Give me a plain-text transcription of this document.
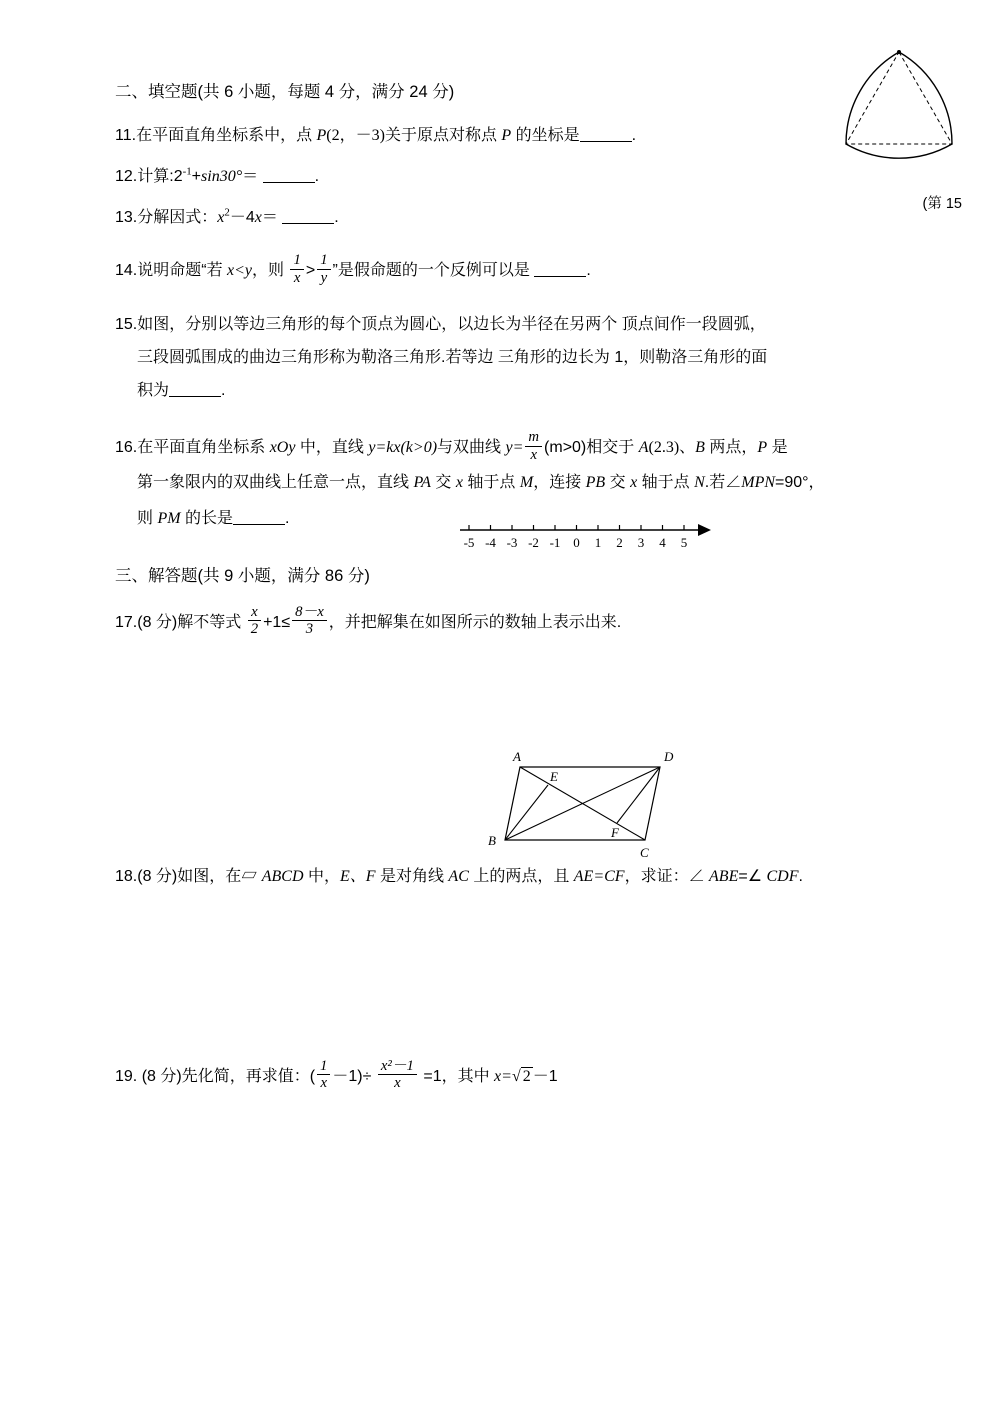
(第 15
二、填空题(共 6 小题，每题 4 分，满分 24 分)
11.在平面直角坐标系中，点 P(2，－3)关于原点对称点 P 的坐标是	.
12.计算$:2^{-1}+\sin 30^\circ=$	.
13.分解因式：$x^2-4x=$	.
14.说明命题“若 x<y，则 $\frac{1}{x} > \frac{1}{y}$ ”是假命题的一个反例可以是	.
15.如图，分别以等边三角形的每个顶点为圆心，以边长为半径在另两个 顶点间作一段圆弧，
三段圆弧围成的曲边三角形称为勒洛三角形.若等边 三角形的边长为 1，则勒洛三角形的面
积为	.
16.在平面直角坐标系 xOy 中，直线 y=kx(k>0)与双曲线 $y= \frac{m}{x} (m>0)$相交于 A(2.3)、B 两点，P 是
第一象限内的双曲线上任意一点，直线 PA 交 x 轴于点 M，连接 PB 交 x 轴于点 N.若∠MPN=90°，
则 PM 的长是	.
三、解答题(共 9 小题，满分 86 分)
17.(8 分)解不等式 $\frac{x}{2} +1\le \frac{8-x}{3}$ ，并把解集在如图所示的数轴上表示出来.
18.(8 分)如图，在▱ ABCD 中，E、F 是对角线 AC 上的两点，且 AE=CF，求证：∠ ABE=∠ CDF.
19. (8 分)先化简，再求值：( $\frac{1}{x} -1)\div \frac{\text{x²－1}}{x} =1$，其中 x=√ 2 －1
-5 -4 -3 -2 -1 0 1 2 3 4 5
A	D
E
F
B
C
